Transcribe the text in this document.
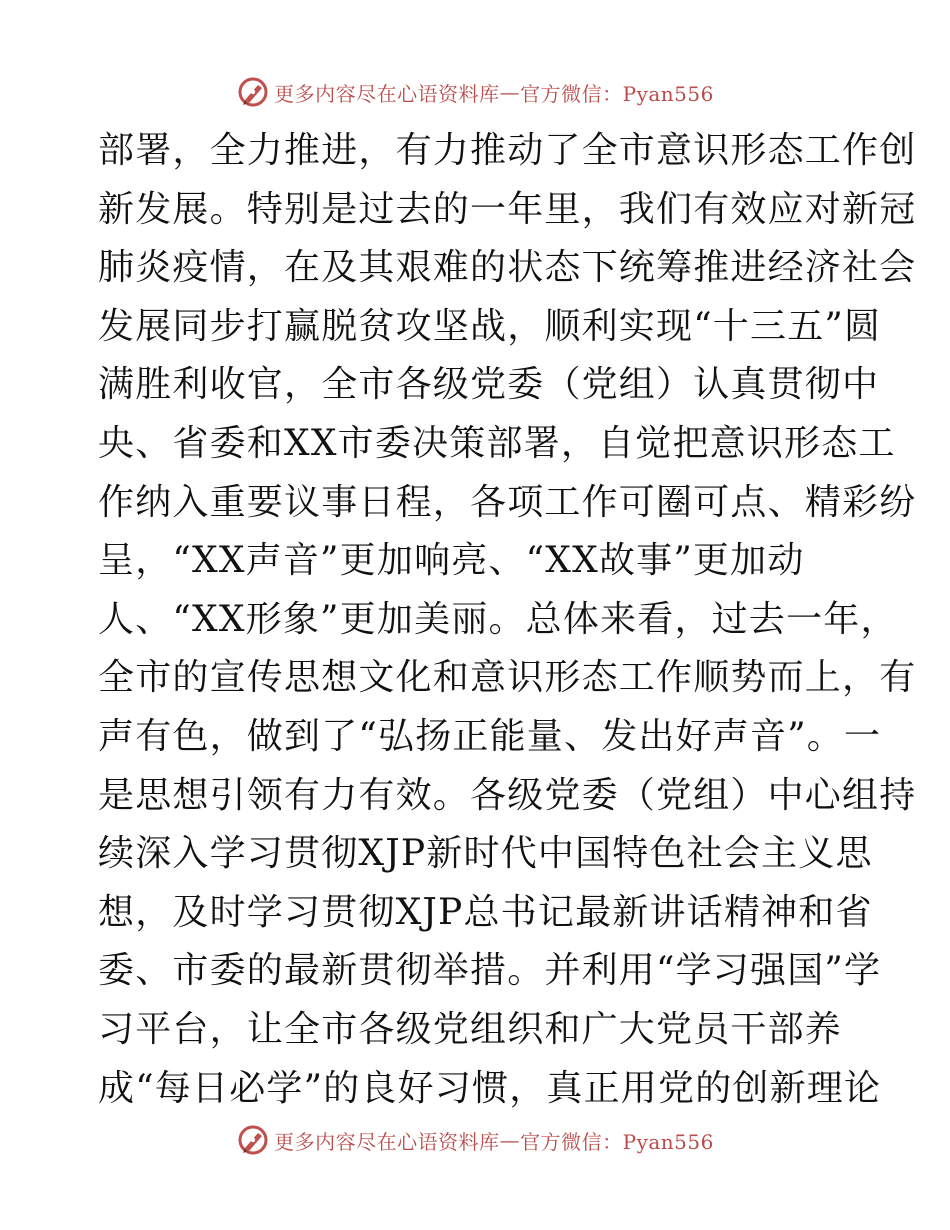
更多内容尽在心语资料库 — 官方微信：Pyan556
部署，全力推进，有力推动了全市意识形态工作创
新发展。特别是过去的一年里，我们有效应对新冠
肺炎疫情，在及其艰难的状态下统筹推进经济社会
发展同步打赢脱贫攻坚战，顺利实现“十三五”圆
满胜利收官，全市各级党委（党组）认真贯彻中
央、省委和XX市委决策部署，自觉把意识形态工
作纳入重要议事日程，各项工作可圈可点、精彩纷
呈，“XX声音”更加响亮、“XX故事”更加动
人、“XX形象”更加美丽。总体来看，过去一年，
全市的宣传思想文化和意识形态工作顺势而上，有
声有色，做到了“弘扬正能量、发出好声音”。一
是思想引领有力有效。各级党委（党组）中心组持
续深入学习贯彻XJP新时代中国特色社会主义思
想，及时学习贯彻XJP总书记最新讲话精神和省
委、市委的最新贯彻举措。并利用“学习强国”学
习平台，让全市各级党组织和广大党员干部养
成“每日必学”的良好习惯，真正用党的创新理论
更多内容尽在心语资料库 — 官方微信：Pyan556
